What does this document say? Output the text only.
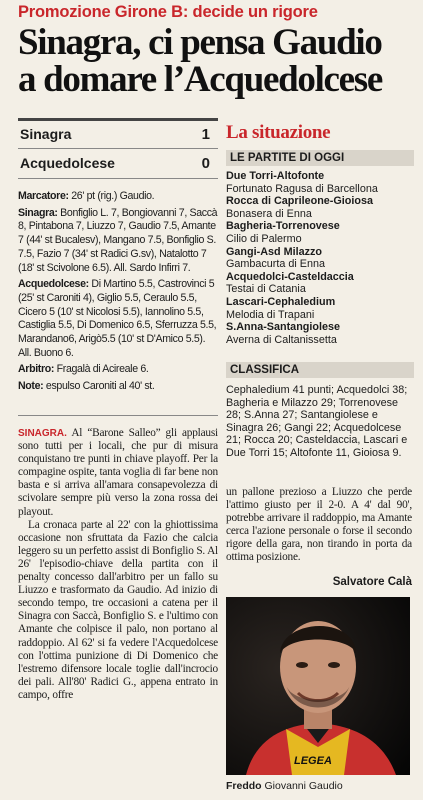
Promozione Girone B: decide un rigore
Sinagra, ci pensa Gaudio
a domare l’Acquedolcese
Sinagra	1
Acquedolcese	0

Marcatore: 26' pt (rig.) Gaudio.

Sinagra: Bonfiglio L. 7, Bongiovanni 7, Saccà 8, Pintabona 7, Liuzzo 7, Gaudio 7.5, Amante 7 (44' st Bucalesv), Mangano 7.5, Bonfiglio S. 7.5, Fazio 7 (34' st Radici G.sv), Natalotto 7 (18' st Scivolone 6.5). All. Sardo Infirri 7.

Acquedolcese: Di Martino 5.5, Castrovinci 5 (25' st Caroniti 4), Giglio 5.5, Ceraulo 5.5, Cicero 5 (10' st Nicolosi 5.5), Iannolino 5.5, Castiglia 5.5, Di Domenico 6.5, Sferruzza 5.5, Marandano6, Arigò5.5 (10' st D'Amico 5.5). All. Buono 6.

Arbitro: Fragalà di Acireale 6.

Note: espulso Caroniti al 40' st.

SINAGRA. Al “Barone Salleo” gli applausi sono tutti per i locali, che pur di misura conquistano tre punti in chiave playoff. Per la compagine ospite, tanta voglia di far bene non basta e si arriva all'amara consapevolezza di scivolare sempre più verso la zona rossa dei playout.

La cronaca parte al 22' con la ghiottissima occasione non sfruttata da Fazio che calcia leggero su un perfetto assist di Bonfiglio S. Al 26' l'episodio-chiave della partita con il penalty concesso dall'arbitro per un fallo su Liuzzo e trasformato da Gaudio. Ad inizio di secondo tempo, tre occasioni a catena per il Sinagra con Saccà, Bonfiglio S. e l'ultimo con Amante che colpisce il palo, non portano al raddoppio. Al 62' si fa vedere l'Acquedolcese con l'ottima punizione di Di Domenico che l'estremo difensore locale toglie dall'incrocio dei pali. All'80' Radici G., appena entrato in campo, offre

un pallone prezioso a Liuzzo che perde l'attimo giusto per il 2-0. A 4' dal 90', potrebbe arrivare il raddoppio, ma Amante cerca l'azione personale o forse il secondo rigore della gara, non tirando in porta da ottima posizione.

Salvatore Calà
La situazione
LE PARTITE DI OGGI
Due Torri-Altofonte
Fortunato Ragusa di Barcellona
Rocca di Caprileone-Gioiosa
Bonasera di Enna
Bagheria-Torrenovese
Cilio di Palermo
Gangi-Asd Milazzo
Gambacurta di Enna
Acquedolci-Casteldaccia
Testai di Catania
Lascari-Cephaledium
Melodia di Trapani
S.Anna-Santangiolese
Averna di Caltanissetta
CLASSIFICA
Cephaledium 41 punti; Acquedolci 38; Bagheria e Milazzo 29; Torrenovese 28; S.Anna 27; Santangiolese e Sinagra 26; Gangi 22; Acquedolcese 21; Rocca 20; Casteldaccia, Lascari e Due Torri 15; Altofonte 11, Gioiosa 9.
LEGEA
Freddo Giovanni Gaudio
